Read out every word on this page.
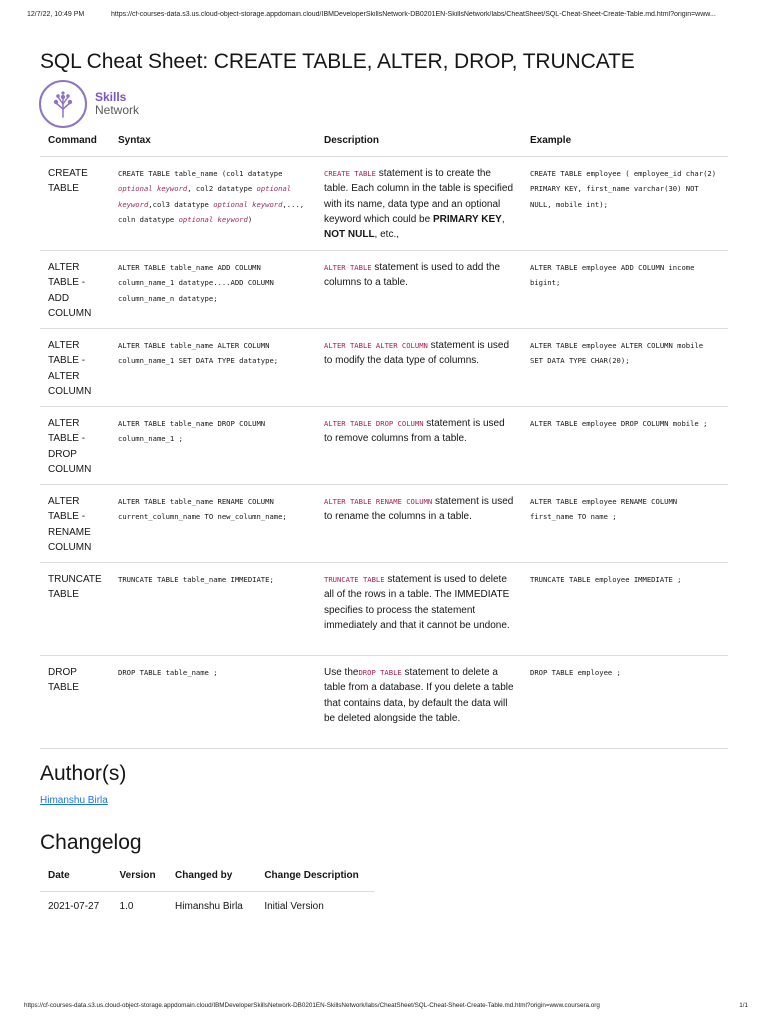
12/7/22, 10:49 PM	https://cf-courses-data.s3.us.cloud-object-storage.appdomain.cloud/IBMDeveloperSkillsNetwork-DB0201EN-SkillsNetwork/labs/CheatSheet/SQL-Cheat-Sheet-Create-Table.md.html?origin=www...
SQL Cheat Sheet: CREATE TABLE, ALTER, DROP, TRUNCATE
Skills
Network
Command	Syntax	Description	Example
CREATE TABLE	CREATE TABLE table_name (col1 datatype optional keyword, col2 datatype optional keyword,col3 datatype optional keyword,..., coln datatype optional keyword)	CREATE TABLE statement is to create the table. Each column in the table is specified with its name, data type and an optional keyword which could be PRIMARY KEY, NOT NULL, etc.,	CREATE TABLE employee ( employee_id char(2) PRIMARY KEY, first_name varchar(30) NOT NULL, mobile int);
ALTER TABLE - ADD COLUMN	ALTER TABLE table_name ADD COLUMN column_name_1 datatype....ADD COLUMN column_name_n datatype;	ALTER TABLE statement is used to add the columns to a table.	ALTER TABLE employee ADD COLUMN income bigint;
ALTER TABLE - ALTER COLUMN	ALTER TABLE table_name ALTER COLUMN column_name_1 SET DATA TYPE datatype;	ALTER TABLE ALTER COLUMN statement is used to modify the data type of columns.	ALTER TABLE employee ALTER COLUMN mobile SET DATA TYPE CHAR(20);
ALTER TABLE - DROP COLUMN	ALTER TABLE table_name DROP COLUMN column_name_1 ;	ALTER TABLE DROP COLUMN statement is used to remove columns from a table.	ALTER TABLE employee DROP COLUMN mobile ;
ALTER TABLE - RENAME COLUMN	ALTER TABLE table_name RENAME COLUMN current_column_name TO new_column_name;	ALTER TABLE RENAME COLUMN statement is used to rename the columns in a table.	ALTER TABLE employee RENAME COLUMN first_name TO name ;
TRUNCATE TABLE	TRUNCATE TABLE table_name IMMEDIATE;	TRUNCATE TABLE statement is used to delete all of the rows in a table. The IMMEDIATE specifies to process the statement immediately and that it cannot be undone.	TRUNCATE TABLE employee IMMEDIATE ;
DROP TABLE	DROP TABLE table_name ;	Use theDROP TABLE statement to delete a table from a database. If you delete a table that contains data, by default the data will be deleted alongside the table.	DROP TABLE employee ;
Author(s)
Himanshu Birla
Changelog
Date	Version	Changed by	Change Description
2021-07-27	1.0	Himanshu Birla	Initial Version
https://cf-courses-data.s3.us.cloud-object-storage.appdomain.cloud/IBMDeveloperSkillsNetwork-DB0201EN-SkillsNetwork/labs/CheatSheet/SQL-Cheat-Sheet-Create-Table.md.html?origin=www.coursera.org	1/1
